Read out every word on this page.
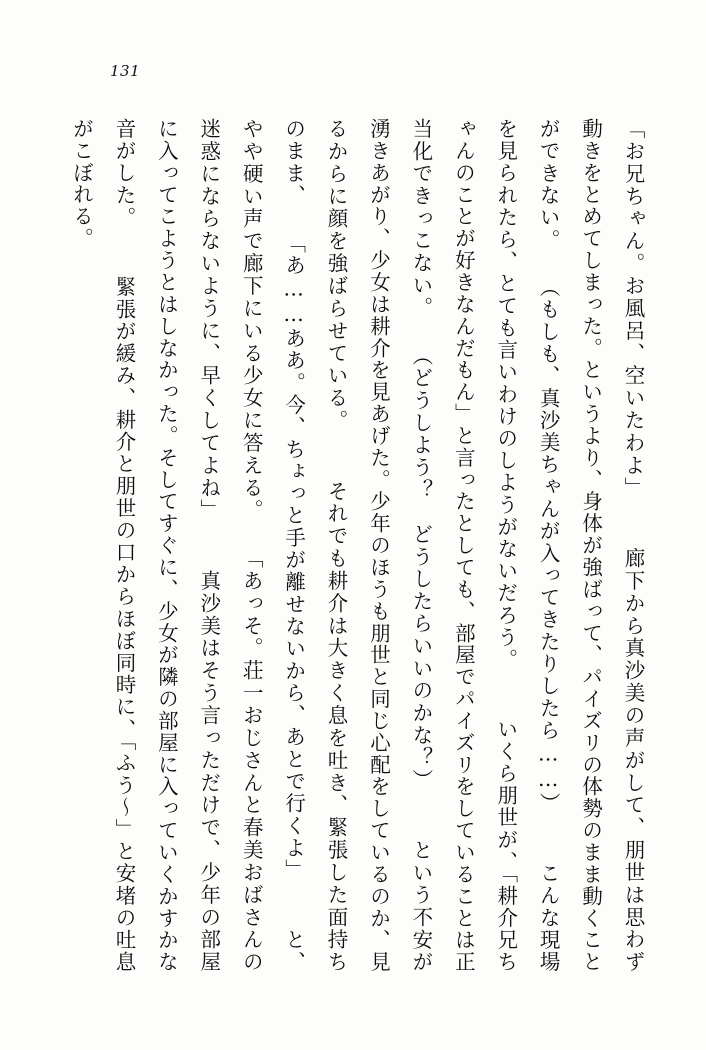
131
「お兄ちゃん。お風呂、空いたわよ」 　廊下から真沙美の声がして、朋世は思わず動きをとめてしまった。というより、身体が強ばって、パイズリの体勢のまま動くことができない。 （もしも、真沙美ちゃんが入ってきたりしたら……） 　こんな現場を見られたら、とても言いわけのしようがないだろう。 　いくら朋世が、「耕介兄ちゃんのことが好きなんだもん」と言ったとしても、部屋でパイズリをしていることは正当化できっこない。 （どうしよう？　どうしたらいいのかな？） 　という不安が湧きあがり、少女は耕介を見あげた。少年のほうも朋世と同じ心配をしているのか、見るからに顔を強ばらせている。 　それでも耕介は大きく息を吐き、緊張した面持ちのまま、 「あ……ああ。今、ちょっと手が離せないから、あとで行くよ」 　と、やや硬い声で廊下にいる少女に答える。 「あっそ。荘一おじさんと春美おばさんの迷惑にならないように、早くしてよね」 　真沙美はそう言っただけで、少年の部屋に入ってこようとはしなかった。そしてすぐに、少女が隣の部屋に入っていくかすかな音がした。 　緊張が緩み、耕介と朋世の口からほぼ同時に、「ふう～」と安堵の吐息がこぼれる。
